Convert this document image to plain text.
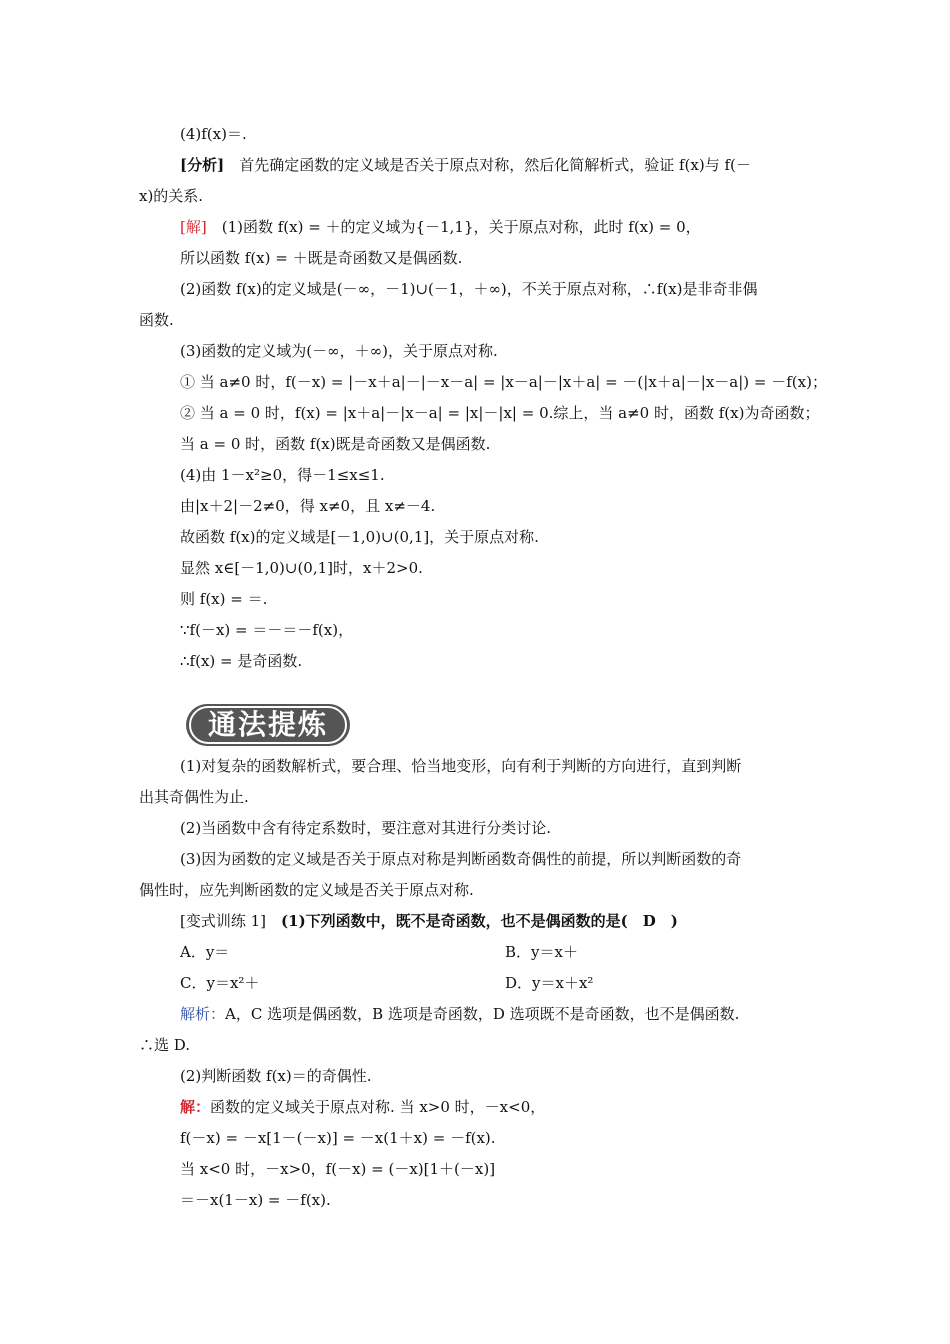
(4)f(x)＝.
[分析]　首先确定函数的定义域是否关于原点对称，然后化简解析式，验证 f(x)与 f(－
x)的关系.
[解]　(1)函数 f(x) = ＋的定义域为{－1,1}，关于原点对称，此时 f(x) = 0，
所以函数 f(x) = ＋既是奇函数又是偶函数.
(2)函数 f(x)的定义域是(－∞，－1)∪(－1，＋∞)，不关于原点对称，∴f(x)是非奇非偶
函数.
(3)函数的定义域为(－∞，＋∞)，关于原点对称.
① 当 a≠0 时，f(－x) = |－x＋a|－|－x－a| = |x－a|－|x＋a| = －(|x＋a|－|x－a|) = －f(x)；
② 当 a = 0 时，f(x) = |x＋a|－|x－a| = |x|－|x| = 0.综上，当 a≠0 时，函数 f(x)为奇函数；
当 a = 0 时，函数 f(x)既是奇函数又是偶函数.
(4)由 1－x²≥0，得－1≤x≤1.
由|x＋2|－2≠0，得 x≠0，且 x≠－4.
故函数 f(x)的定义域是[－1,0)∪(0,1]，关于原点对称.
显然 x∈[－1,0)∪(0,1]时，x＋2>0.
则 f(x) = ＝.
∵f(－x) = ＝－＝－f(x)，
∴f(x) = 是奇函数.
通法提炼
(1)对复杂的函数解析式，要合理、恰当地变形，向有利于判断的方向进行，直到判断
出其奇偶性为止.
(2)当函数中含有待定系数时，要注意对其进行分类讨论.
(3)因为函数的定义域是否关于原点对称是判断函数奇偶性的前提，所以判断函数的奇
偶性时，应先判断函数的定义域是否关于原点对称.
[变式训练 1]　(1)下列函数中，既不是奇函数，也不是偶函数的是(　D　)
A．y＝	B．y＝x＋
C．y＝x²＋	D．y＝x＋x²
解析：A，C 选项是偶函数，B 选项是奇函数，D 选项既不是奇函数，也不是偶函数.
∴选 D.
(2)判断函数 f(x)＝的奇偶性.
解：函数的定义域关于原点对称. 当 x>0 时，－x<0，
f(－x) = －x[1－(－x)] = －x(1＋x) = －f(x).
当 x<0 时，－x>0，f(－x) = (－x)[1＋(－x)]
＝－x(1－x) = －f(x).
